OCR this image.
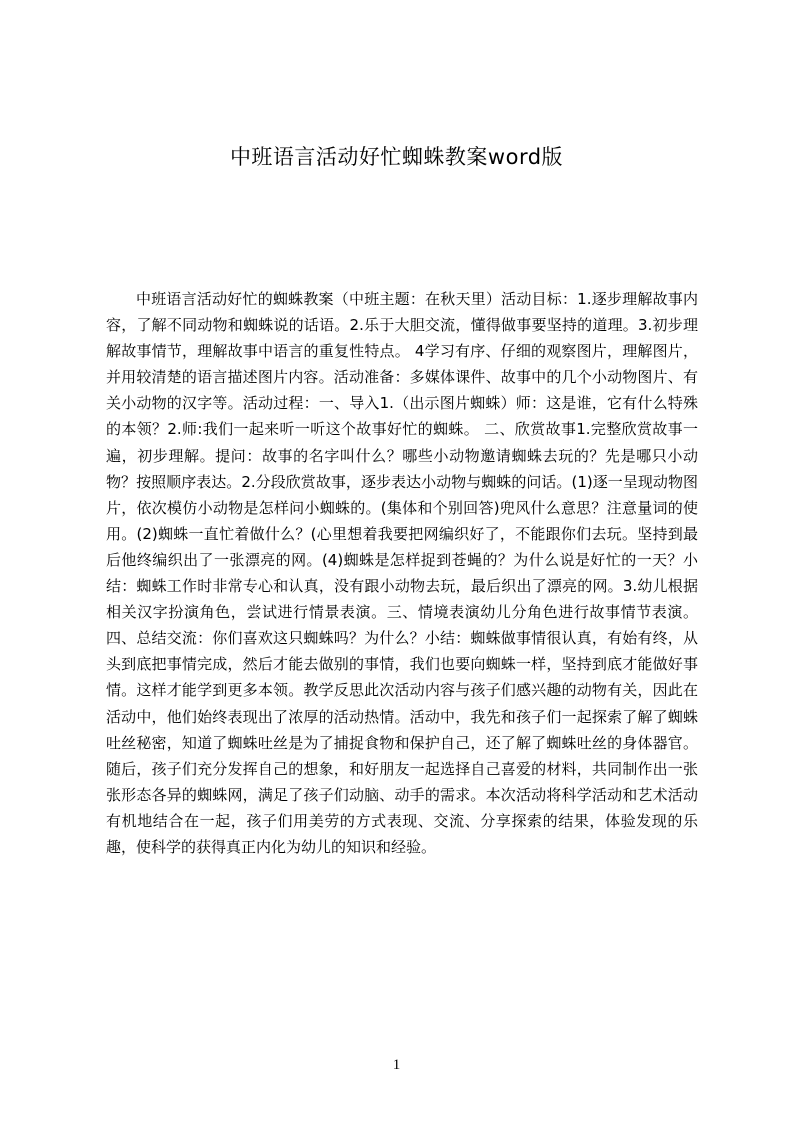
中班语言活动好忙蜘蛛教案word版

中班语言活动好忙的蜘蛛教案（中班主题：在秋天里）活动目标：1.逐步理解故事内容，了解不同动物和蜘蛛说的话语。2.乐于大胆交流，懂得做事要坚持的道理。3.初步理解故事情节，理解故事中语言的重复性特点。 4学习有序、仔细的观察图片，理解图片，并用较清楚的语言描述图片内容。活动准备：多媒体课件、故事中的几个小动物图片、有关小动物的汉字等。活动过程：一、导入1.（出示图片蜘蛛）师：这是谁，它有什么特殊的本领？2.师:我们一起来听一听这个故事好忙的蜘蛛。 二、欣赏故事1.完整欣赏故事一遍，初步理解。提问：故事的名字叫什么？哪些小动物邀请蜘蛛去玩的？先是哪只小动物？按照顺序表达。2.分段欣赏故事，逐步表达小动物与蜘蛛的问话。(1)逐一呈现动物图片，依次模仿小动物是怎样问小蜘蛛的。(集体和个别回答)兜风什么意思？注意量词的使用。(2)蜘蛛一直忙着做什么？(心里想着我要把网编织好了，不能跟你们去玩。坚持到最后他终编织出了一张漂亮的网。(4)蜘蛛是怎样捉到苍蝇的？为什么说是好忙的一天？小结：蜘蛛工作时非常专心和认真，没有跟小动物去玩，最后织出了漂亮的网。3.幼儿根据相关汉字扮演角色，尝试进行情景表演。三、情境表演幼儿分角色进行故事情节表演。四、总结交流：你们喜欢这只蜘蛛吗？为什么？小结：蜘蛛做事情很认真，有始有终，从头到底把事情完成，然后才能去做别的事情，我们也要向蜘蛛一样，坚持到底才能做好事情。这样才能学到更多本领。教学反思此次活动内容与孩子们感兴趣的动物有关，因此在活动中，他们始终表现出了浓厚的活动热情。活动中，我先和孩子们一起探索了解了蜘蛛吐丝秘密，知道了蜘蛛吐丝是为了捕捉食物和保护自己，还了解了蜘蛛吐丝的身体器官。随后，孩子们充分发挥自己的想象，和好朋友一起选择自己喜爱的材料，共同制作出一张张形态各异的蜘蛛网，满足了孩子们动脑、动手的需求。本次活动将科学活动和艺术活动有机地结合在一起，孩子们用美劳的方式表现、交流、分享探索的结果，体验发现的乐趣，使科学的获得真正内化为幼儿的知识和经验。

1
